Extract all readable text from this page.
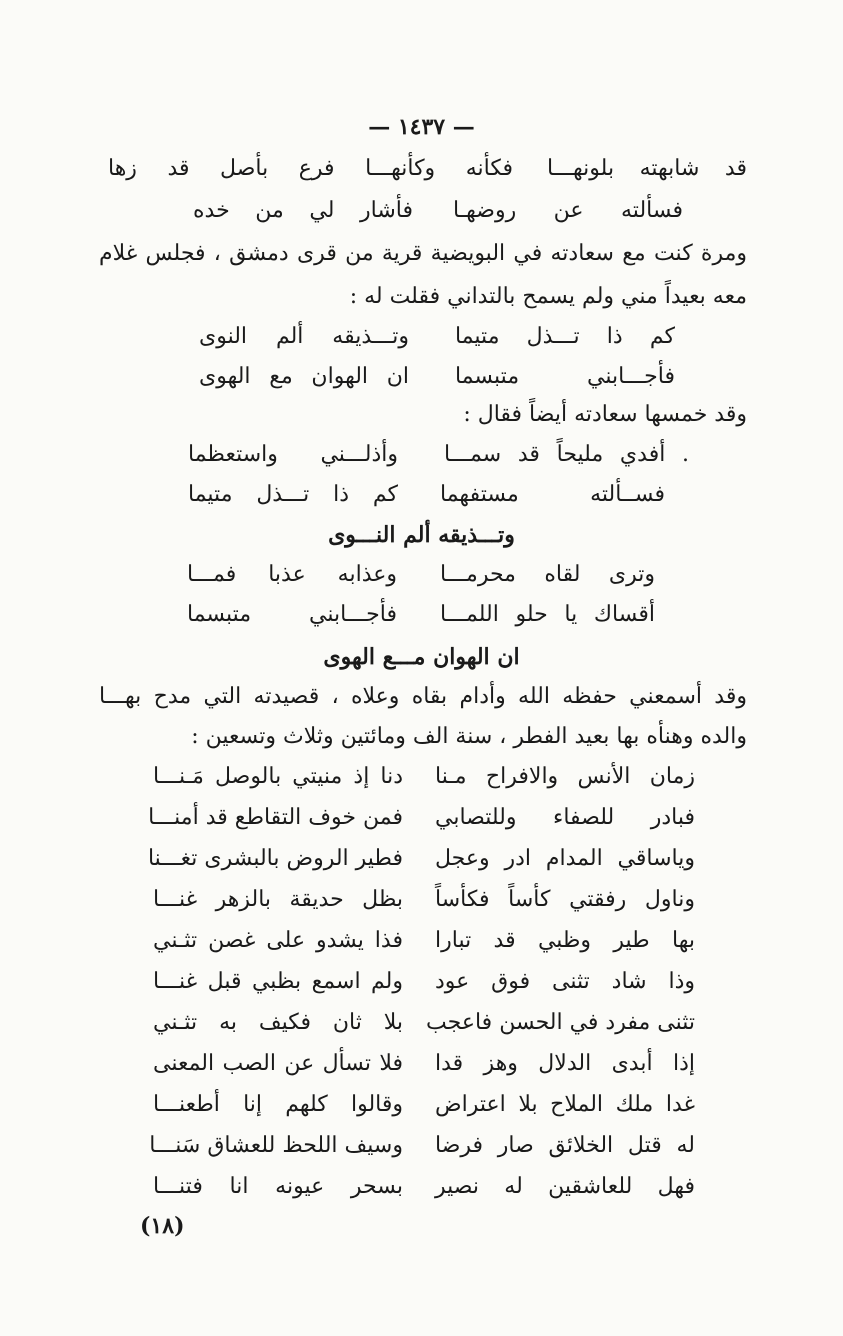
— ١٤٣٧ —
قد شابهته بلونهـــا
فكأنه وكأنهـــا فرع بأصل قد زها
فسألته عن روضهـا
فأشار لي من خده
ومرة كنت مع سعادته في البويضية قرية من قرى دمشق ، فجلس غلام
معه بعيداً مني ولم يسمح بالتداني فقلت له :
كم ذا تـــذل متيما
وتـــذيقه ألم النوى
فأجـــابني متبسما
ان الهوان مع الهوى
وقد خمسها سعادته أيضاً فقال :
. أفدي مليحاً قد سمـــا
وأذلـــني واستعظما
فســألته مستفهما
كم ذا تـــذل متيما
وتـــذيقه ألم النـــوى
وترى لقاه محرمـــا
وعذابه عذبا فمـــا
أقساك يا حلو اللمـــا
فأجـــابني متبسما
ان الهوان مـــع الهوى
وقد أسمعني حفظه الله وأدام بقاه وعلاه ، قصيدته التي مدح بهـــا
والده وهنأه بها بعيد الفطر ، سنة الف ومائتين وثلاث وتسعين :
زمان الأنس والافراح مـنا
دنا إذ منيتي بالوصل مَـنـــا
فبادر للصفاء وللتصابي
فمن خوف التقاطع قد أمنـــا
وياساقي المدام ادر وعجل
فطير الروض بالبشرى تغـــنا
وناول رفقتي كأساً فكأساً
بظل حديقة بالزهر غنـــا
بها طير وظبي قد تبارا
فذا يشدو على غصن تثـني
وذا شاد تثنى فوق عود
ولم اسمع بظبي قبل غنـــا
تثنى مفرد في الحسن فاعجب
بلا ثان فكيف به تثـني
إذا أبدى الدلال وهز قدا
فلا تسأل عن الصب المعنى
غدا ملك الملاح بلا اعتراض
وقالوا كلهم إنا أطعنـــا
له قتل الخلائق صار فرضا
وسيف اللحظ للعشاق سَنـــا
فهل للعاشقين له نصير
بسحر عيونه انا فتنـــا
(١٨)
